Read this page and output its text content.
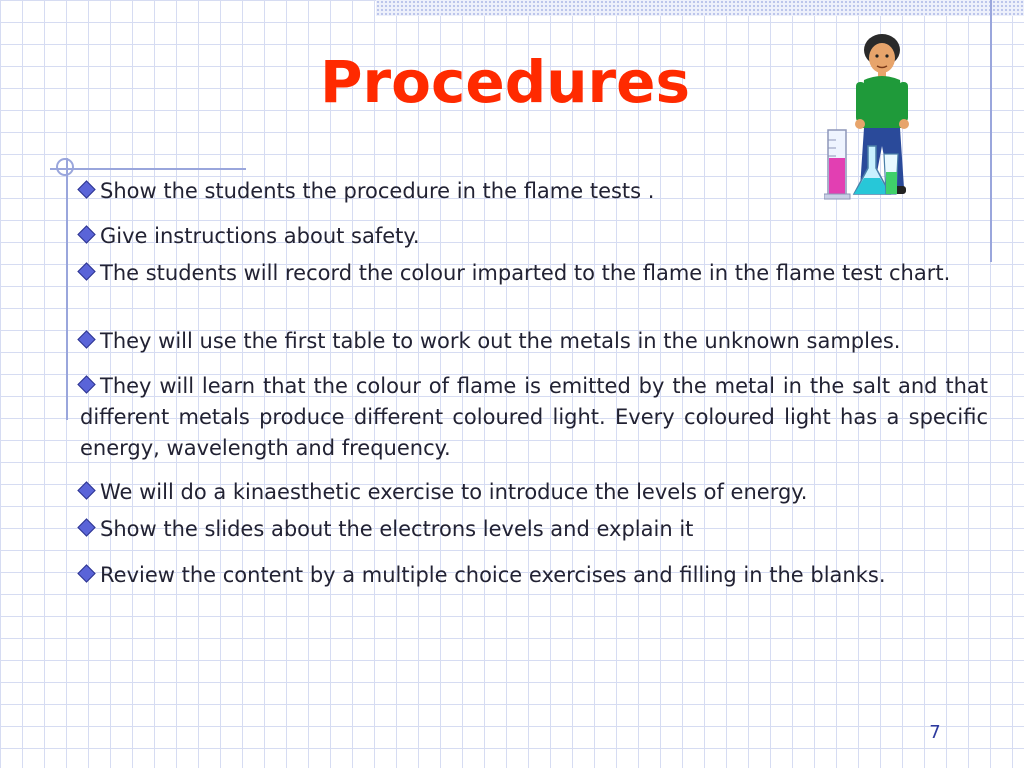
Procedures
Show the students the procedure in the flame tests .
Give instructions about safety.
The students will record the colour imparted to the flame in the flame test chart.
They will use the first table to work out the metals in the unknown samples.
They will learn that the colour of flame is emitted by the metal in the salt and that different metals produce different coloured light. Every coloured light has a specific energy, wavelength and frequency.
We will do a kinaesthetic exercise to introduce the levels of energy.
Show the slides about the electrons levels and explain it
Review the content by a multiple choice exercises and filling in the blanks.
7
